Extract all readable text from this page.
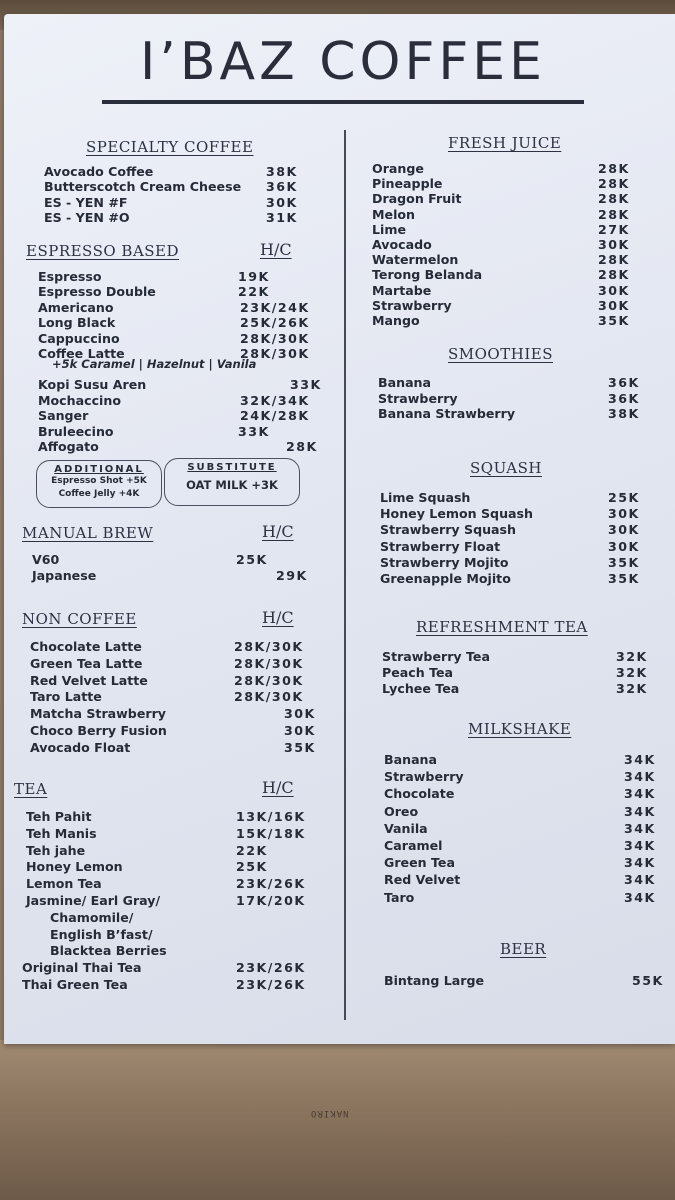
NAKIRO
I’BAZ COFFEE
SPECIALTY COFFEE
ESPRESSO BASED	H/C
+5k Caramel | Hazelnut | Vanila
ADDITIONAL
Espresso Shot +5K
Coffee Jelly +4K
SUBSTITUTE
OAT MILK +3K
MANUAL BREW	H/C
NON COFFEE	H/C
TEA	H/C
FRESH JUICE
SMOOTHIES
SQUASH
REFRESHMENT TEA
MILKSHAKE
BEER
Avocado Coffee	38K
Butterscotch Cream Cheese 36K
ES - YEN #F	30K
ES - YEN #O	31K
Espresso	19K
Espresso Double	22K
Americano	23K/24K
Long Black	25K/26K
Cappuccino	28K/30K
Coffee Latte	28K/30K
Kopi Susu Aren	33K
Mochaccino	32K/34K
Sanger	24K/28K
Bruleecino	33K
Affogato	28K
V60	25K
Japanese	29K
Chocolate Latte	28K/30K
Green Tea Latte	28K/30K
Red Velvet Latte	28K/30K
Taro Latte	28K/30K
Matcha Strawberry	30K
Choco Berry Fusion	30K
Avocado Float	35K
Teh Pahit	13K/16K
Teh Manis	15K/18K
Teh jahe	22K
Honey Lemon	25K
Lemon Tea	23K/26K
Jasmine/ Earl Gray/	17K/20K
Chamomile/
English B’fast/
Blacktea Berries
Original Thai Tea	23K/26K
Thai Green Tea	23K/26K
Orange	28K
Pineapple	28K
Dragon Fruit	28K
Melon	28K
Lime	27K
Avocado	30K
Watermelon	28K
Terong Belanda	28K
Martabe	30K
Strawberry	30K
Mango	35K
Banana	36K
Strawberry	36K
Banana Strawberry	38K
Lime Squash	25K
Honey Lemon Squash	30K
Strawberry Squash	30K
Strawberry Float	30K
Strawberry Mojito	35K
Greenapple Mojito	35K
Strawberry Tea	32K
Peach Tea	32K
Lychee Tea	32K
Banana	34K
Strawberry	34K
Chocolate	34K
Oreo	34K
Vanila	34K
Caramel	34K
Green Tea	34K
Red Velvet	34K
Taro	34K
Bintang Large	55K
